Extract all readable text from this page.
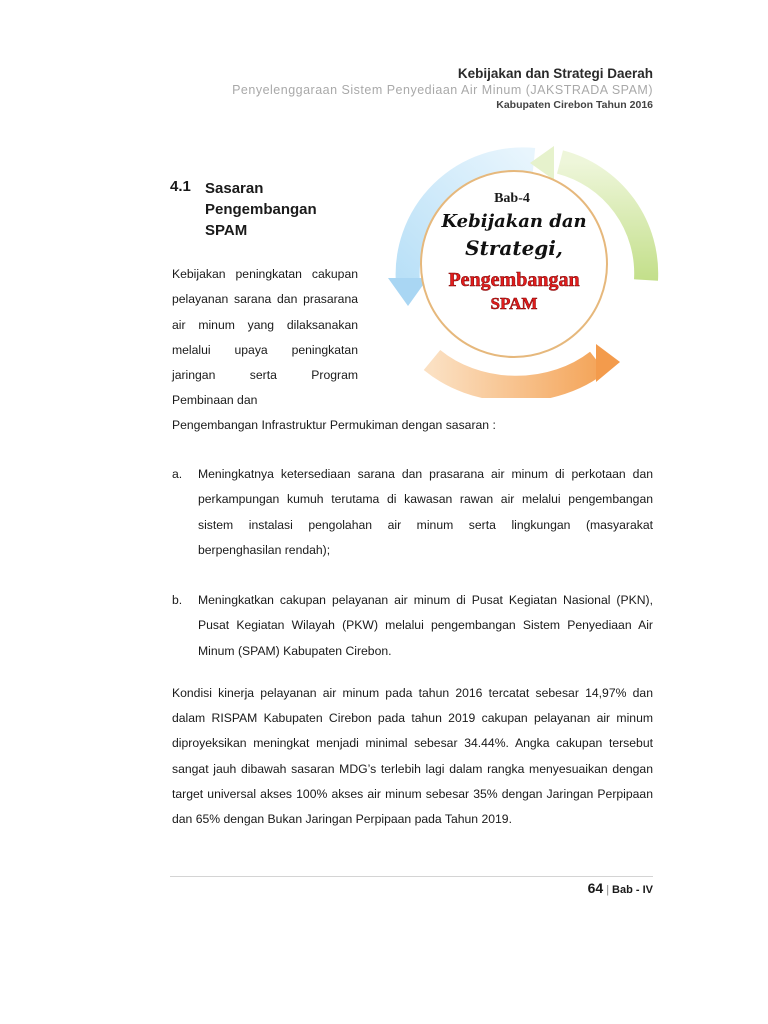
Kebijakan dan Strategi Daerah
Penyelenggaraan Sistem Penyediaan Air Minum (JAKSTRADA SPAM)
Kabupaten Cirebon Tahun 2016
4.1 Sasaran Pengembangan SPAM
Kebijakan peningkatan cakupan pelayanan sarana dan prasarana air minum yang dilaksanakan melalui upaya peningkatan jaringan serta Program Pembinaan dan
Pengembangan Infrastruktur Permukiman dengan sasaran :
Bab-4
Kebijakan dan
Strategi,
Pengembangan
SPAM
a. Meningkatnya ketersediaan sarana dan prasarana air minum di perkotaan dan perkampungan kumuh terutama di kawasan rawan air melalui pengembangan sistem instalasi pengolahan air minum serta lingkungan (masyarakat berpenghasilan rendah);
b. Meningkatkan cakupan pelayanan air minum di Pusat Kegiatan Nasional (PKN), Pusat Kegiatan Wilayah (PKW) melalui pengembangan Sistem Penyediaan Air Minum (SPAM) Kabupaten Cirebon.
Kondisi kinerja pelayanan air minum pada tahun 2016 tercatat sebesar 14,97% dan dalam RISPAM Kabupaten Cirebon pada tahun 2019 cakupan pelayanan air minum diproyeksikan meningkat menjadi minimal sebesar 34.44%. Angka cakupan tersebut sangat jauh dibawah sasaran MDG’s terlebih lagi dalam rangka menyesuaikan dengan target universal akses 100% akses air minum sebesar 35% dengan Jaringan Perpipaan dan 65% dengan Bukan Jaringan Perpipaan pada Tahun 2019.
64 | Bab - IV
